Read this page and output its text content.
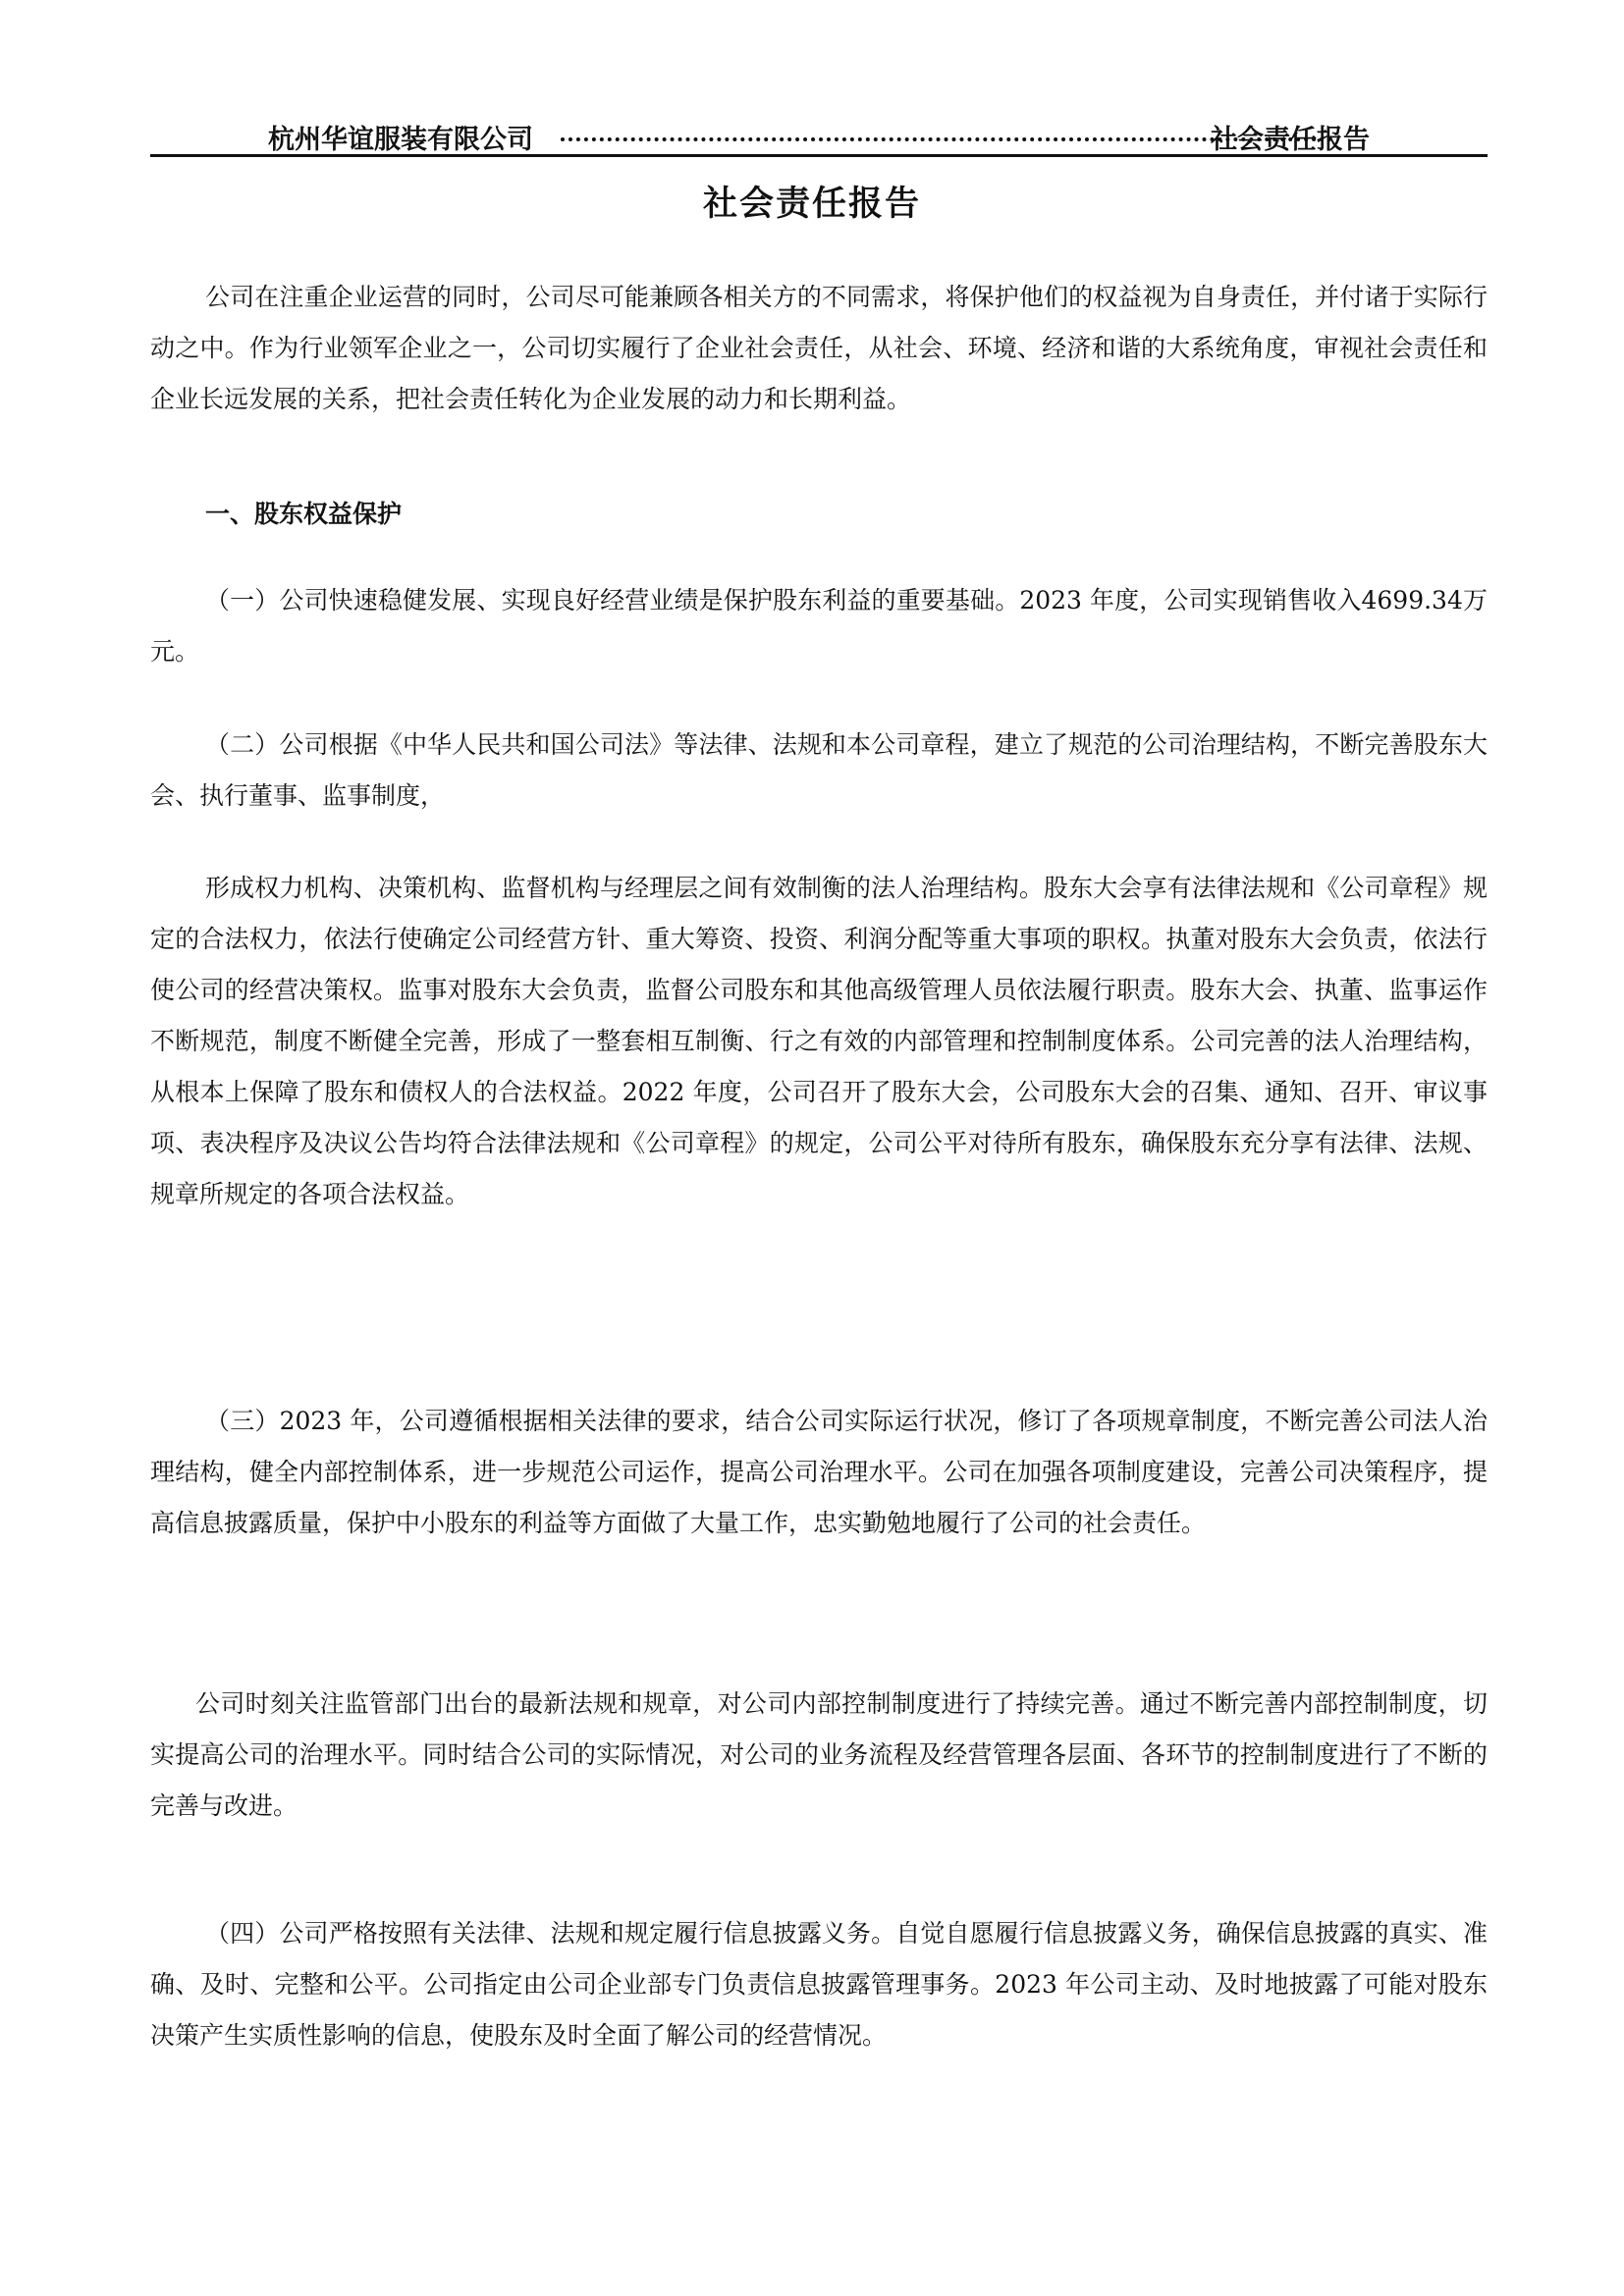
杭州华谊服装有限公司	社会责任报告
社会责任报告

公司在注重企业运营的同时，公司尽可能兼顾各相关方的不同需求，将保护他们的权益视为自身责任，并付诸于实际行动之中。作为行业领军企业之一，公司切实履行了企业社会责任，从社会、环境、经济和谐的大系统角度，审视社会责任和企业长远发展的关系，把社会责任转化为企业发展的动力和长期利益。

一、股东权益保护

（一）公司快速稳健发展、实现良好经营业绩是保护股东利益的重要基础。2023 年度，公司实现销售收入4699.34万元。

（二）公司根据《中华人民共和国公司法》等法律、法规和本公司章程，建立了规范的公司治理结构，不断完善股东大会、执行董事、监事制度，

形成权力机构、决策机构、监督机构与经理层之间有效制衡的法人治理结构。股东大会享有法律法规和《公司章程》规定的合法权力，依法行使确定公司经营方针、重大筹资、投资、利润分配等重大事项的职权。执董对股东大会负责，依法行使公司的经营决策权。监事对股东大会负责，监督公司股东和其他高级管理人员依法履行职责。股东大会、执董、监事运作不断规范，制度不断健全完善，形成了一整套相互制衡、行之有效的内部管理和控制制度体系。公司完善的法人治理结构，从根本上保障了股东和债权人的合法权益。2022 年度，公司召开了股东大会，公司股东大会的召集、通知、召开、审议事项、表决程序及决议公告均符合法律法规和《公司章程》的规定，公司公平对待所有股东，确保股东充分享有法律、法规、规章所规定的各项合法权益。

（三）2023 年，公司遵循根据相关法律的要求，结合公司实际运行状况，修订了各项规章制度，不断完善公司法人治理结构，健全内部控制体系，进一步规范公司运作，提高公司治理水平。公司在加强各项制度建设，完善公司决策程序，提高信息披露质量，保护中小股东的利益等方面做了大量工作，忠实勤勉地履行了公司的社会责任。

公司时刻关注监管部门出台的最新法规和规章，对公司内部控制制度进行了持续完善。通过不断完善内部控制制度，切实提高公司的治理水平。同时结合公司的实际情况，对公司的业务流程及经营管理各层面、各环节的控制制度进行了不断的完善与改进。

（四）公司严格按照有关法律、法规和规定履行信息披露义务。自觉自愿履行信息披露义务，确保信息披露的真实、准确、及时、完整和公平。公司指定由公司企业部专门负责信息披露管理事务。2023 年公司主动、及时地披露了可能对股东决策产生实质性影响的信息，使股东及时全面了解公司的经营情况。
